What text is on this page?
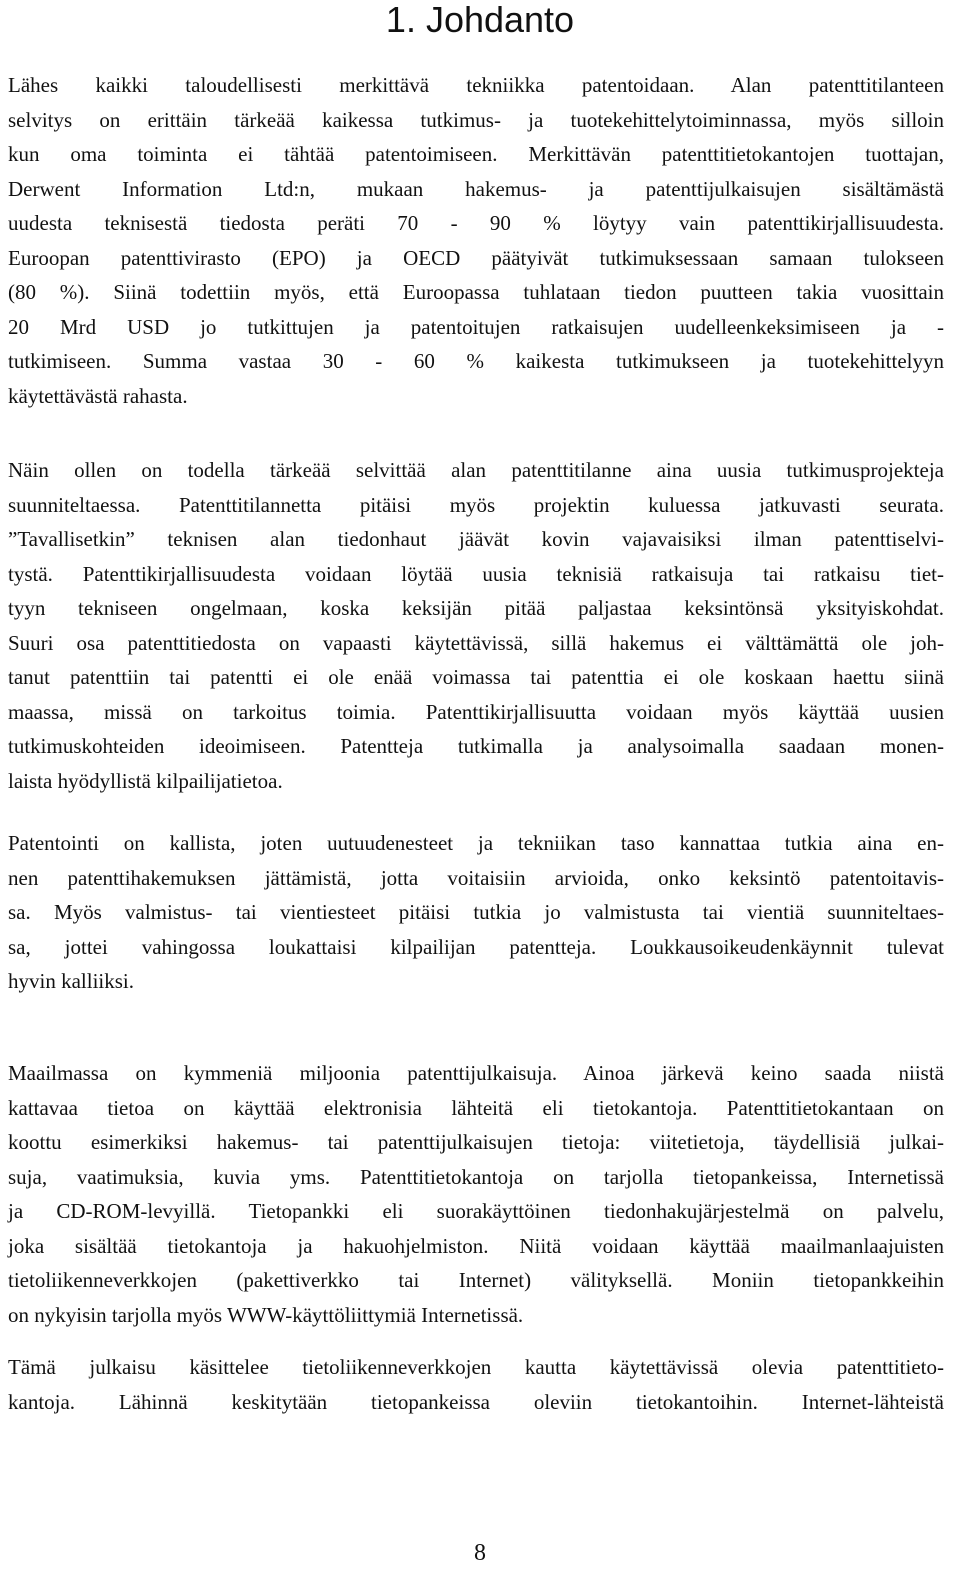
1. Johdanto
Lähes kaikki taloudellisesti merkittävä tekniikka patentoidaan. Alan patenttitilanteen
selvitys on erittäin tärkeää kaikessa tutkimus- ja tuotekehittelytoiminnassa, myös silloin
kun oma toiminta ei tähtää patentoimiseen. Merkittävän patenttitietokantojen tuottajan,
Derwent Information Ltd:n, mukaan hakemus- ja patenttijulkaisujen sisältämästä
uudesta teknisestä tiedosta peräti 70 - 90 % löytyy vain patenttikirjallisuudesta.
Euroopan patenttivirasto (EPO) ja OECD päätyivät tutkimuksessaan samaan tulokseen
(80 %). Siinä todettiin myös, että Euroopassa tuhlataan tiedon puutteen takia vuosittain
20 Mrd USD jo tutkittujen ja patentoitujen ratkaisujen uudelleenkeksimiseen ja -
tutkimiseen. Summa vastaa 30 - 60 % kaikesta tutkimukseen ja tuotekehittelyyn
käytettävästä rahasta.
Näin ollen on todella tärkeää selvittää alan patenttitilanne aina uusia tutkimusprojekteja
suunniteltaessa. Patenttitilannetta pitäisi myös projektin kuluessa jatkuvasti seurata.
”Tavallisetkin” teknisen alan tiedonhaut jäävät kovin vajavaisiksi ilman patenttiselvi-
tystä. Patenttikirjallisuudesta voidaan löytää uusia teknisiä ratkaisuja tai ratkaisu tiet-
tyyn tekniseen ongelmaan, koska keksijän pitää paljastaa keksintönsä yksityiskohdat.
Suuri osa patenttitiedosta on vapaasti käytettävissä, sillä hakemus ei välttämättä ole joh-
tanut patenttiin tai patentti ei ole enää voimassa tai patenttia ei ole koskaan haettu siinä
maassa, missä on tarkoitus toimia. Patenttikirjallisuutta voidaan myös käyttää uusien
tutkimuskohteiden ideoimiseen. Patentteja tutkimalla ja analysoimalla saadaan monen-
laista hyödyllistä kilpailijatietoa.
Patentointi on kallista, joten uutuudenesteet ja tekniikan taso kannattaa tutkia aina en-
nen patenttihakemuksen jättämistä, jotta voitaisiin arvioida, onko keksintö patentoitavis-
sa. Myös valmistus- tai vientiesteet pitäisi tutkia jo valmistusta tai vientiä suunniteltaes-
sa, jottei vahingossa loukattaisi kilpailijan patentteja. Loukkausoikeudenkäynnit tulevat
hyvin kalliiksi.
Maailmassa on kymmeniä miljoonia patenttijulkaisuja. Ainoa järkevä keino saada niistä
kattavaa tietoa on käyttää elektronisia lähteitä eli tietokantoja. Patenttitietokantaan on
koottu esimerkiksi hakemus- tai patenttijulkaisujen tietoja: viitetietoja, täydellisiä julkai-
suja, vaatimuksia, kuvia yms. Patenttitietokantoja on tarjolla tietopankeissa, Internetissä
ja CD-ROM-levyillä. Tietopankki eli suorakäyttöinen tiedonhakujärjestelmä on palvelu,
joka sisältää tietokantoja ja hakuohjelmiston. Niitä voidaan käyttää maailmanlaajuisten
tietoliikenneverkkojen (pakettiverkko tai Internet) välityksellä. Moniin tietopankkeihin
on nykyisin tarjolla myös WWW-käyttöliittymiä Internetissä.
Tämä julkaisu käsittelee tietoliikenneverkkojen kautta käytettävissä olevia patenttitieto-
kantoja. Lähinnä keskitytään tietopankeissa oleviin tietokantoihin. Internet-lähteistä
8
